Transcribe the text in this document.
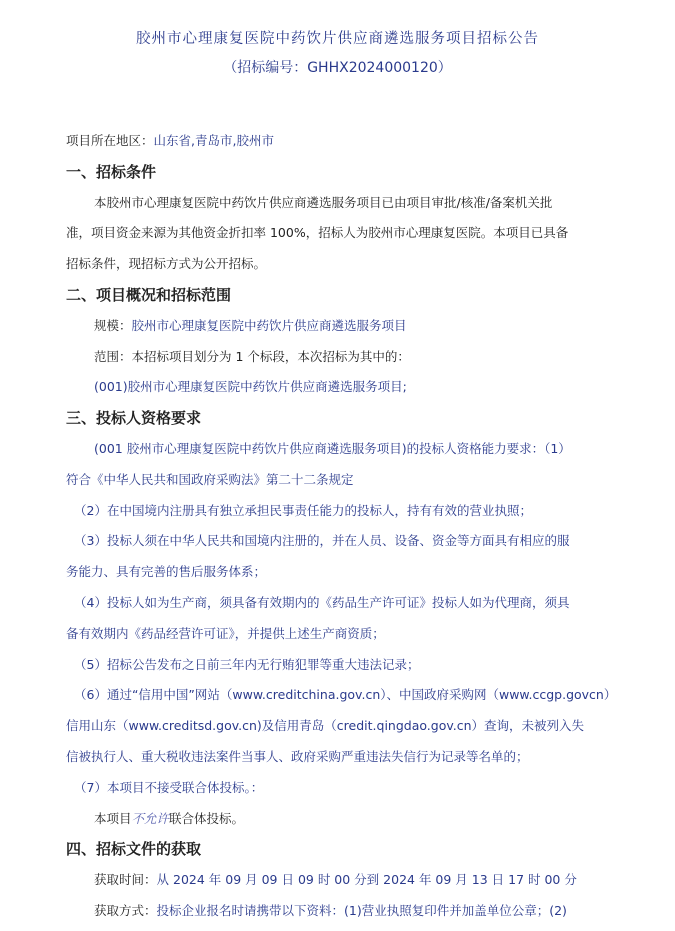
胶州市心理康复医院中药饮片供应商遴选服务项目招标公告
（招标编号：GHHX2024000120）
项目所在地区：山东省,青岛市,胶州市
一、招标条件
本胶州市心理康复医院中药饮片供应商遴选服务项目已由项目审批/核准/备案机关批
准，项目资金来源为其他资金折扣率 100%，招标人为胶州市心理康复医院。本项目已具备
招标条件，现招标方式为公开招标。
二、项目概况和招标范围
规模：胶州市心理康复医院中药饮片供应商遴选服务项目
范围：本招标项目划分为 1 个标段，本次招标为其中的：
(001)胶州市心理康复医院中药饮片供应商遴选服务项目;
三、投标人资格要求
(001 胶州市心理康复医院中药饮片供应商遴选服务项目)的投标人资格能力要求：（1）
符合《中华人民共和国政府采购法》第二十二条规定
（2）在中国境内注册具有独立承担民事责任能力的投标人，持有有效的营业执照；
（3）投标人须在中华人民共和国境内注册的，并在人员、设备、资金等方面具有相应的服
务能力、具有完善的售后服务体系；
（4）投标人如为生产商，须具备有效期内的《药品生产许可证》投标人如为代理商，须具
备有效期内《药品经营许可证》，并提供上述生产商资质；
（5）招标公告发布之日前三年内无行贿犯罪等重大违法记录；
（6）通过“信用中国”网站（www.creditchina.gov.cn）、中国政府采购网（www.ccgp.govcn）
信用山东（www.creditsd.gov.cn)及信用青岛（credit.qingdao.gov.cn）查询，未被列入失
信被执行人、重大税收违法案件当事人、政府采购严重违法失信行为记录等名单的；
（7）本项目不接受联合体投标。：
本项目不允许联合体投标。
四、招标文件的获取
获取时间：从 2024 年 09 月 09 日 09 时 00 分到 2024 年 09 月 13 日 17 时 00 分
获取方式：投标企业报名时请携带以下资料：(1)营业执照复印件并加盖单位公章；(2)
